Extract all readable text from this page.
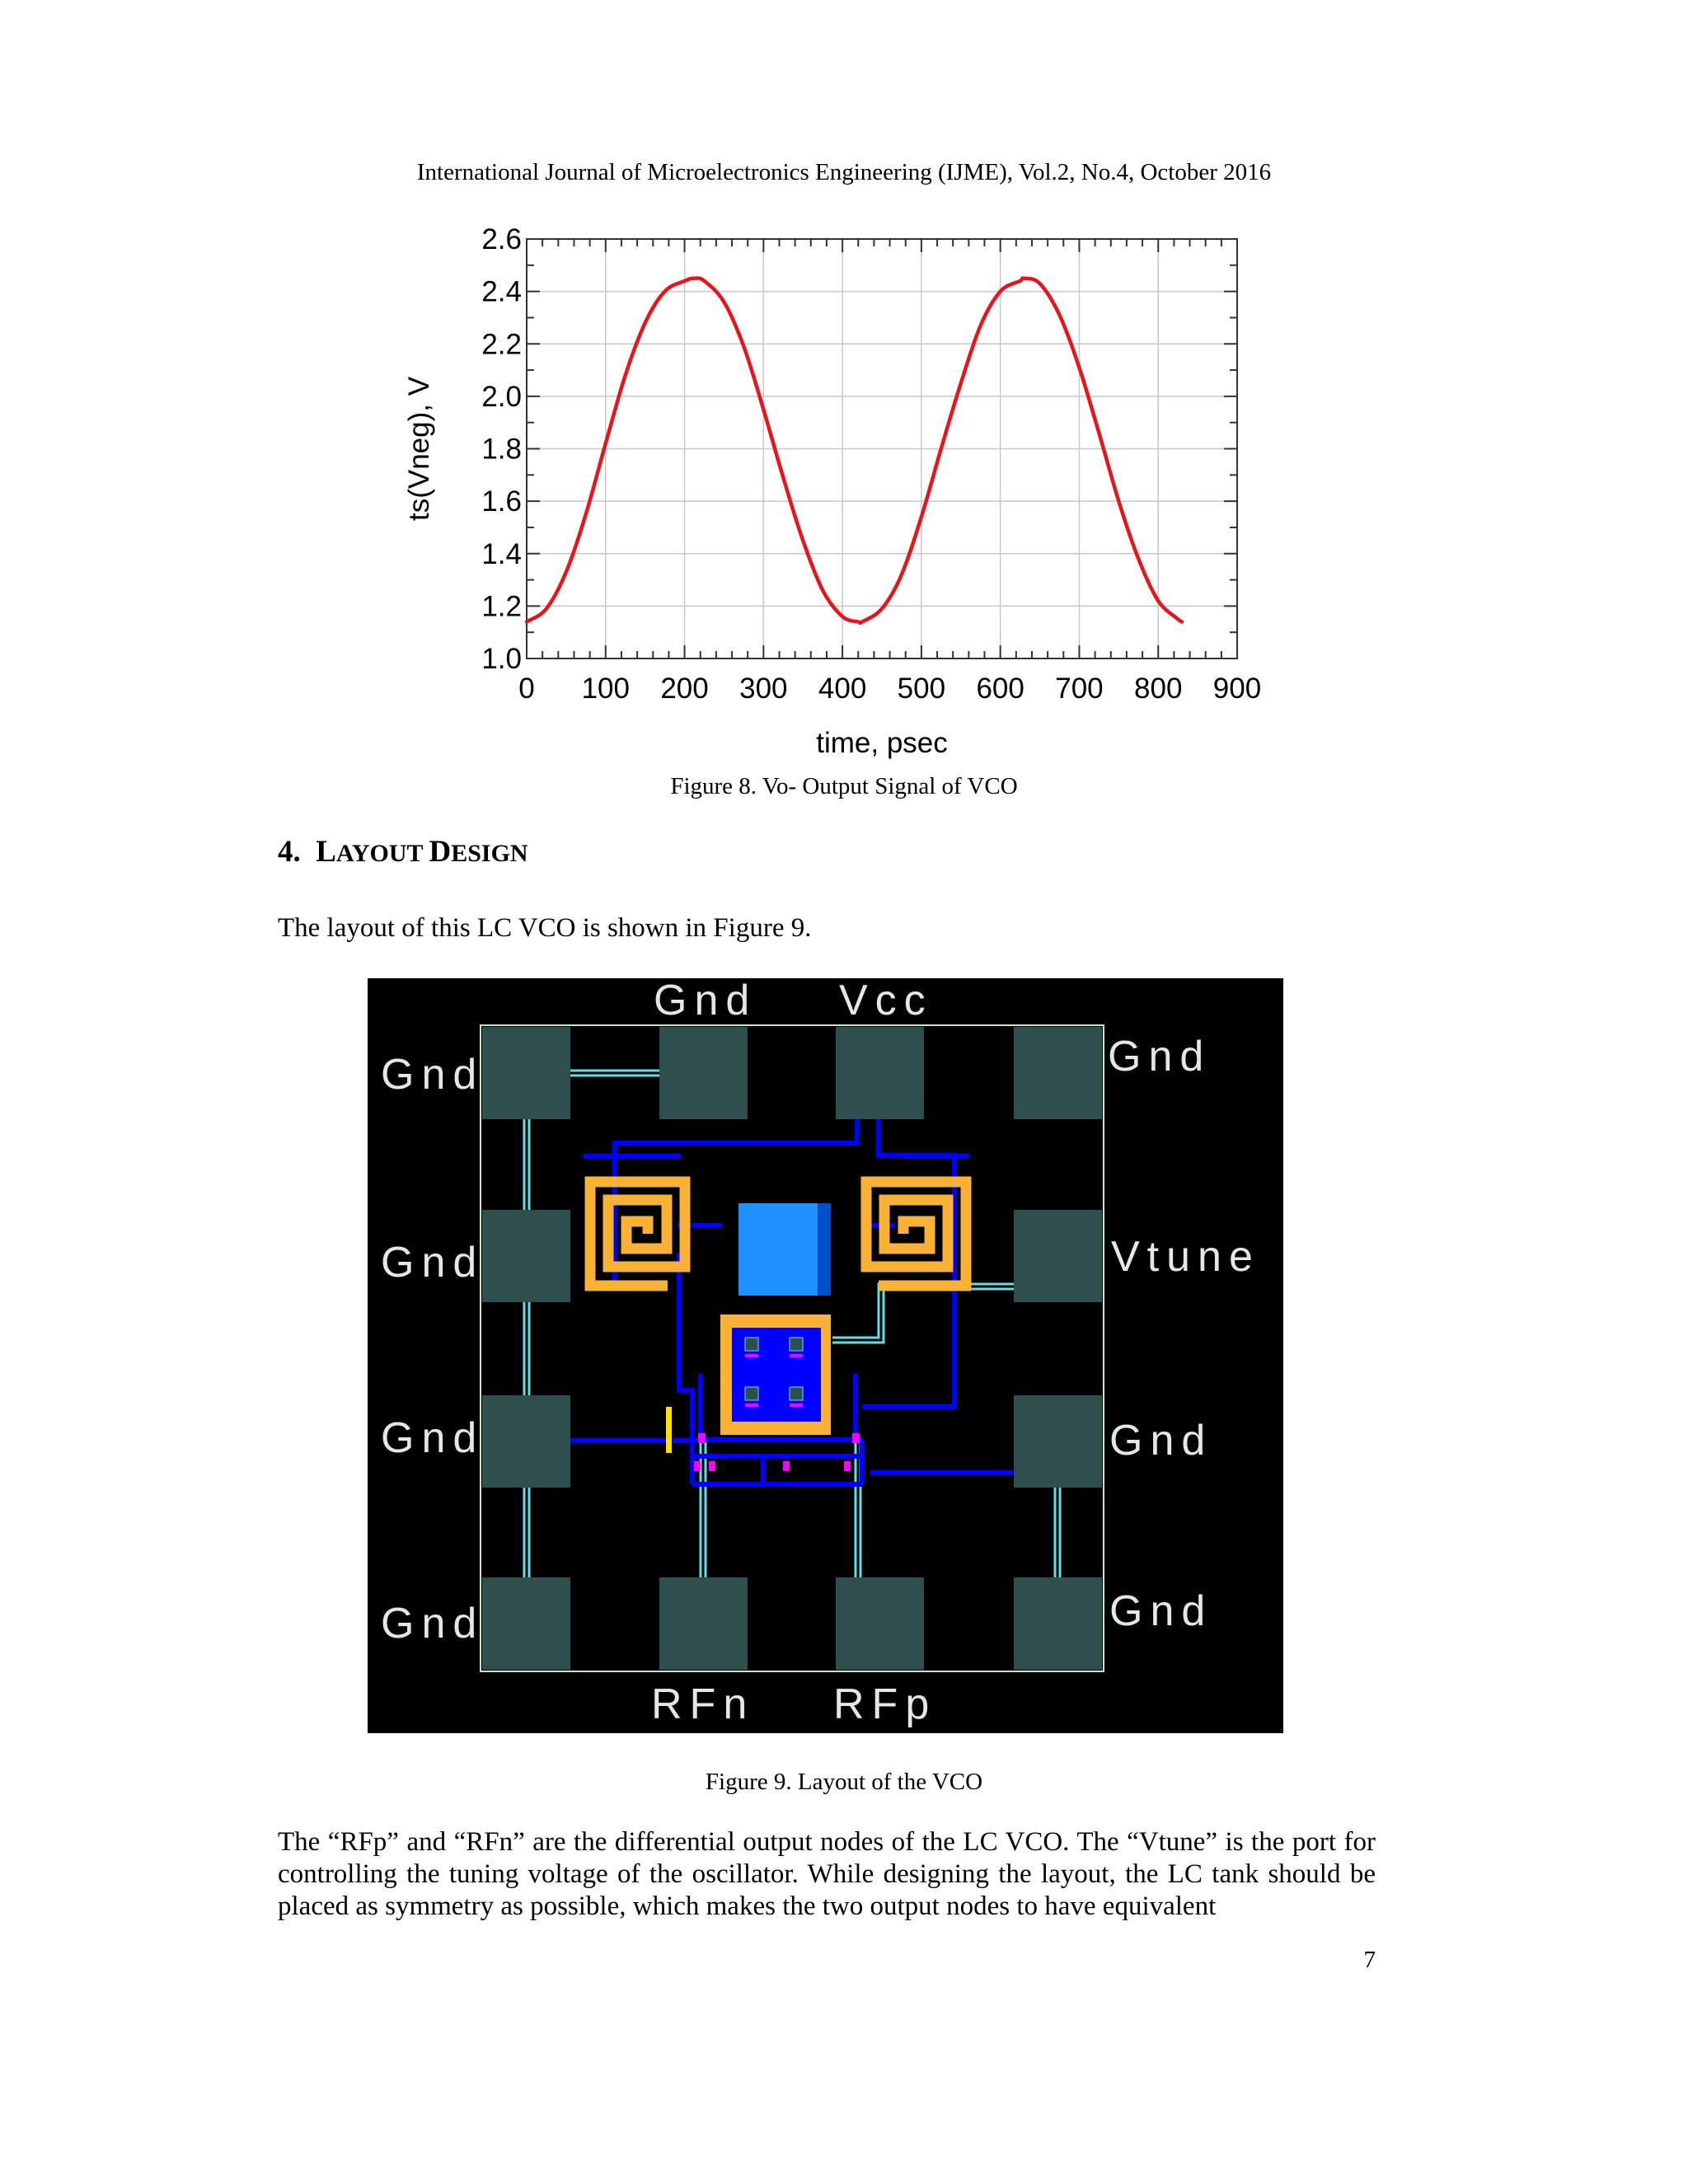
International Journal of Microelectronics Engineering (IJME), Vol.2, No.4, October 2016
1.0
1.2
1.4
1.6
1.8
2.0
2.2
2.4
2.6
0 100 200 300 400 500 600 700 800 900
time, psec
ts(Vneg), V
Figure 8. Vo- Output Signal of VCO
4. LAYOUT DESIGN
The layout of this LC VCO is shown in Figure 9.
Gnd Vcc
Gnd
Gnd
Gnd
Gnd
Gnd
Vtune
Gnd
Gnd
RFn RFp
Figure 9. Layout of the VCO
The “RFp” and “RFn” are the differential output nodes of the LC VCO. The “Vtune” is the port for controlling the tuning voltage of the oscillator. While designing the layout, the LC tank should be placed as symmetry as possible, which makes the two output nodes to have equivalent
7
